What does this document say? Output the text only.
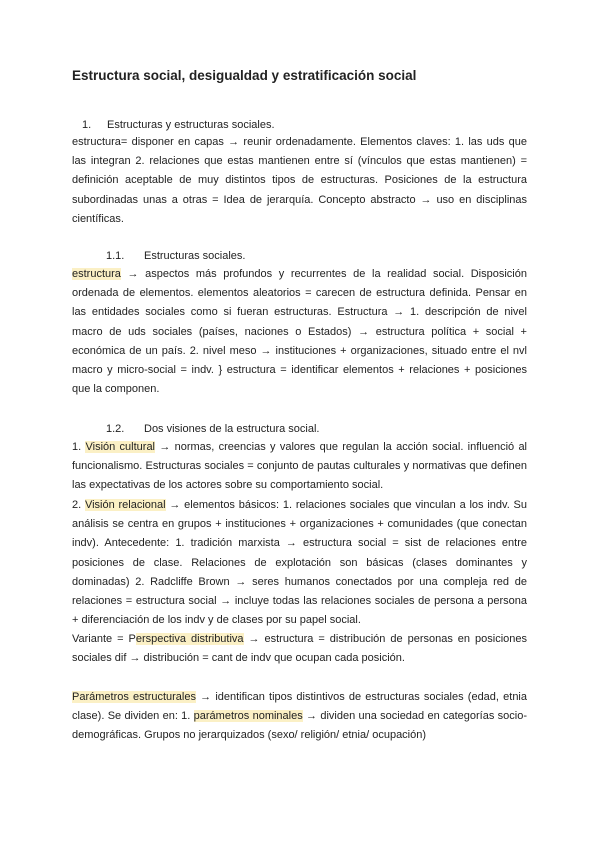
Estructura social, desigualdad y estratificación social
1. Estructuras y estructuras sociales.

estructura= disponer en capas → reunir ordenadamente. Elementos claves: 1. las uds que las integran 2. relaciones que estas mantienen entre sí (vínculos que estas mantienen) = definición aceptable de muy distintos tipos de estructuras. Posiciones de la estructura subordinadas unas a otras = Idea de jerarquía. Concepto abstracto → uso en disciplinas científicas.

1.1. Estructuras sociales.

estructura → aspectos más profundos y recurrentes de la realidad social. Disposición ordenada de elementos. elementos aleatorios = carecen de estructura definida. Pensar en las entidades sociales como si fueran estructuras. Estructura → 1. descripción de nivel macro de uds sociales (países, naciones o Estados) → estructura política + social + económica de un país. 2. nivel meso → instituciones + organizaciones, situado entre el nvl macro y micro-social = indv. } estructura = identificar elementos + relaciones + posiciones que la componen.

1.2. Dos visiones de la estructura social.

1. Visión cultural → normas, creencias y valores que regulan la acción social. influenció al funcionalismo. Estructuras sociales = conjunto de pautas culturales y normativas que definen las expectativas de los actores sobre su comportamiento social.

2. Visión relacional → elementos básicos: 1. relaciones sociales que vinculan a los indv. Su análisis se centra en grupos + instituciones + organizaciones + comunidades (que conectan indv). Antecedente: 1. tradición marxista → estructura social = sist de relaciones entre posiciones de clase. Relaciones de explotación son básicas (clases dominantes y dominadas) 2. Radcliffe Brown → seres humanos conectados por una compleja red de relaciones = estructura social → incluye todas las relaciones sociales de persona a persona + diferenciación de los indv y de clases por su papel social.

Variante = Perspectiva distributiva → estructura = distribución de personas en posiciones sociales dif → distribución = cant de indv que ocupan cada posición.

Parámetros estructurales → identifican tipos distintivos de estructuras sociales (edad, etnia clase). Se dividen en: 1. parámetros nominales → dividen una sociedad en categorías socio-demográficas. Grupos no jerarquizados (sexo/ religión/ etnia/ ocupación)
